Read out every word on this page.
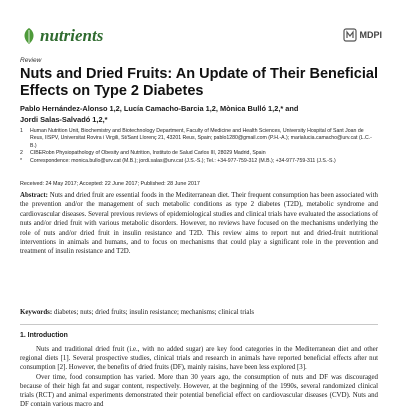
nutrients	MDPI
Review
Nuts and Dried Fruits: An Update of Their Beneficial Effects on Type 2 Diabetes
Pablo Hernández-Alonso 1,2, Lucía Camacho-Barcia 1,2, Mònica Bulló 1,2,* and
Jordi Salas-Salvadó 1,2,*
1	Human Nutrition Unit, Biochemistry and Biotechnology Department, Faculty of Medicine and Health Sciences, University Hospital of Sant Joan de Reus, IISPV, Universitat Rovira i Virgili, St/Sant Llorenç 21, 43201 Reus, Spain; pablo1280@gmail.com (P.H.-A.); mariaIucia.camacho@urv.cat (L.C.-B.)
2	CIBERobn Physiopathology of Obesity and Nutrition, Instituto de Salud Carlos III, 28029 Madrid, Spain
*	Correspondence: monica.bullo@urv.cat (M.B.); jordi.salas@urv.cat (J.S.-S.); Tel.: +34-977-759-312 (M.B.); +34-977-759-311 (J.S.-S.)
Received: 24 May 2017; Accepted: 22 June 2017; Published: 28 June 2017

Abstract: Nuts and dried fruit are essential foods in the Mediterranean diet. Their frequent consumption has been associated with the prevention and/or the management of such metabolic conditions as type 2 diabetes (T2D), metabolic syndrome and cardiovascular diseases. Several previous reviews of epidemiological studies and clinical trials have evaluated the associations of nuts and/or dried fruit with various metabolic disorders. However, no reviews have focused on the mechanisms underlying the role of nuts and/or dried fruit in insulin resistance and T2D. This review aims to report nut and dried-fruit nutritional interventions in animals and humans, and to focus on mechanisms that could play a significant role in the prevention and treatment of insulin resistance and T2D.

Keywords: diabetes; nuts; dried fruits; insulin resistance; mechanisms; clinical trials

1. Introduction

Nuts and traditional dried fruit (i.e., with no added sugar) are key food categories in the Mediterranean diet and other regional diets [1]. Several prospective studies, clinical trials and research in animals have reported beneficial effects after nut consumption [2]. However, the benefits of dried fruits (DF), mainly raisins, have been less explored [3].

Over time, food consumption has varied. More than 30 years ago, the consumption of nuts and DF was discouraged because of their high fat and sugar content, respectively. However, at the beginning of the 1990s, several randomized clinical trials (RCT) and animal experiments demonstrated their potential beneficial effect on cardiovascular diseases (CVD). Nuts and DF contain various macro and
